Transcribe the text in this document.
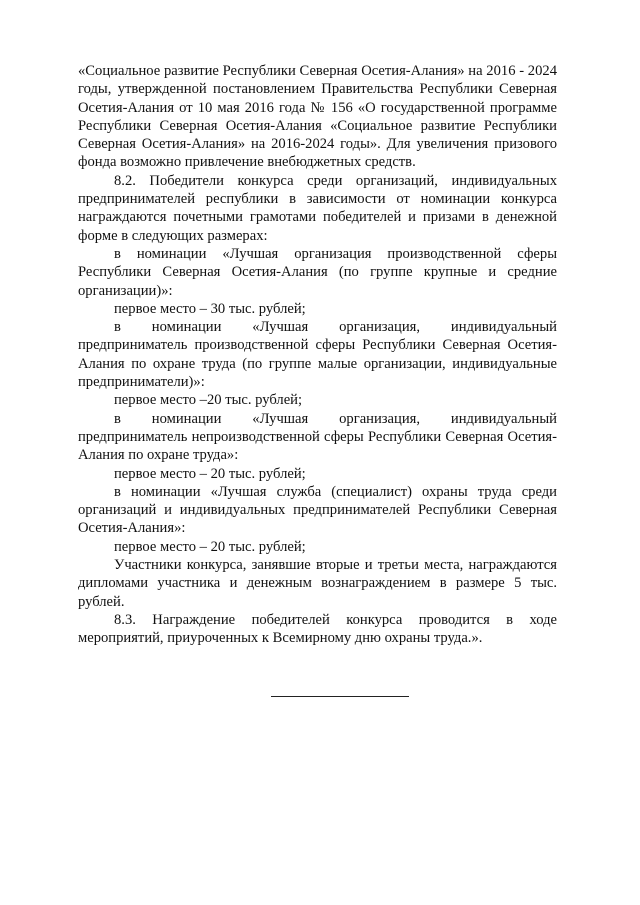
«Социальное развитие Республики Северная Осетия-Алания» на 2016 - 2024 годы, утвержденной постановлением Правительства Республики Северная Осетия-Алания от 10 мая 2016 года № 156 «О государственной программе Республики Северная Осетия-Алания «Социальное развитие Республики Северная Осетия-Алания» на 2016-2024 годы». Для увеличения призового фонда возможно привлечение внебюджетных средств.

8.2. Победители конкурса среди организаций, индивидуальных предпринимателей республики в зависимости от номинации конкурса награждаются почетными грамотами победителей и призами в денежной форме в следующих размерах:

в номинации «Лучшая организация производственной сферы Республики Северная Осетия-Алания (по группе крупные и средние организации)»:

первое место – 30 тыс. рублей;

в номинации «Лучшая организация, индивидуальный предприниматель производственной сферы Республики Северная Осетия-Алания по охране труда (по группе малые организации, индивидуальные предприниматели)»:

первое место –20 тыс. рублей;

в номинации «Лучшая организация, индивидуальный предприниматель непроизводственной сферы Республики Северная Осетия-Алания по охране труда»:

первое место – 20 тыс. рублей;

в номинации «Лучшая служба (специалист) охраны труда среди организаций и индивидуальных предпринимателей Республики Северная Осетия-Алания»:

первое место – 20 тыс. рублей;

Участники конкурса, занявшие вторые и третьи места, награждаются дипломами участника и денежным вознаграждением в размере 5 тыс. рублей.

8.3. Награждение победителей конкурса проводится в ходе мероприятий, приуроченных к Всемирному дню охраны труда.».
